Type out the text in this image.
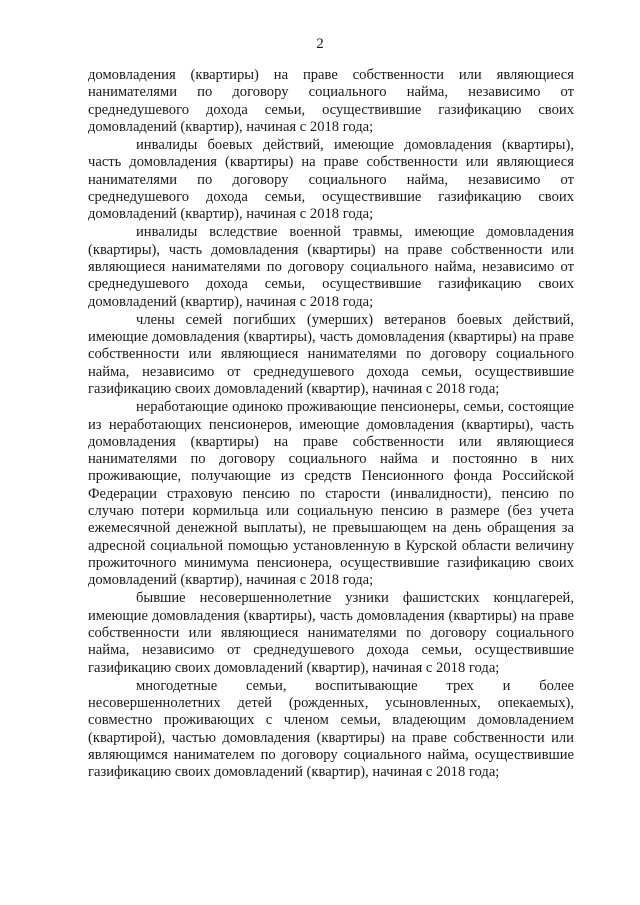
2

домовладения (квартиры) на праве собственности или являющиеся нанимателями по договору социального найма, независимо от среднедушевого дохода семьи, осуществившие газификацию своих домовладений (квартир), начиная с 2018 года;

инвалиды боевых действий, имеющие домовладения (квартиры), часть домовладения (квартиры) на праве собственности или являющиеся нанимателями по договору социального найма, независимо от среднедушевого дохода семьи, осуществившие газификацию своих домовладений (квартир), начиная с 2018 года;

инвалиды вследствие военной травмы, имеющие домовладения (квартиры), часть домовладения (квартиры) на праве собственности или являющиеся нанимателями по договору социального найма, независимо от среднедушевого дохода семьи, осуществившие газификацию своих домовладений (квартир), начиная с 2018 года;

члены семей погибших (умерших) ветеранов боевых действий, имеющие домовладения (квартиры), часть домовладения (квартиры) на праве собственности или являющиеся нанимателями по договору социального найма, независимо от среднедушевого дохода семьи, осуществившие газификацию своих домовладений (квартир), начиная с 2018 года;

неработающие одиноко проживающие пенсионеры, семьи, состоящие из неработающих пенсионеров, имеющие домовладения (квартиры), часть домовладения (квартиры) на праве собственности или являющиеся нанимателями по договору социального найма и постоянно в них проживающие, получающие из средств Пенсионного фонда Российской Федерации страховую пенсию по старости (инвалидности), пенсию по случаю потери кормильца или социальную пенсию в размере (без учета ежемесячной денежной выплаты), не превышающем на день обращения за адресной социальной помощью установленную в Курской области величину прожиточного минимума пенсионера, осуществившие газификацию своих домовладений (квартир), начиная с 2018 года;

бывшие несовершеннолетние узники фашистских концлагерей, имеющие домовладения (квартиры), часть домовладения (квартиры) на праве собственности или являющиеся нанимателями по договору социального найма, независимо от среднедушевого дохода семьи, осуществившие газификацию своих домовладений (квартир), начиная с 2018 года;

многодетные семьи, воспитывающие трех и более несовершеннолетних детей (рожденных, усыновленных, опекаемых), совместно проживающих с членом семьи, владеющим домовладением (квартирой), частью домовладения (квартиры) на праве собственности или являющимся нанимателем по договору социального найма, осуществившие газификацию своих домовладений (квартир), начиная с 2018 года;
